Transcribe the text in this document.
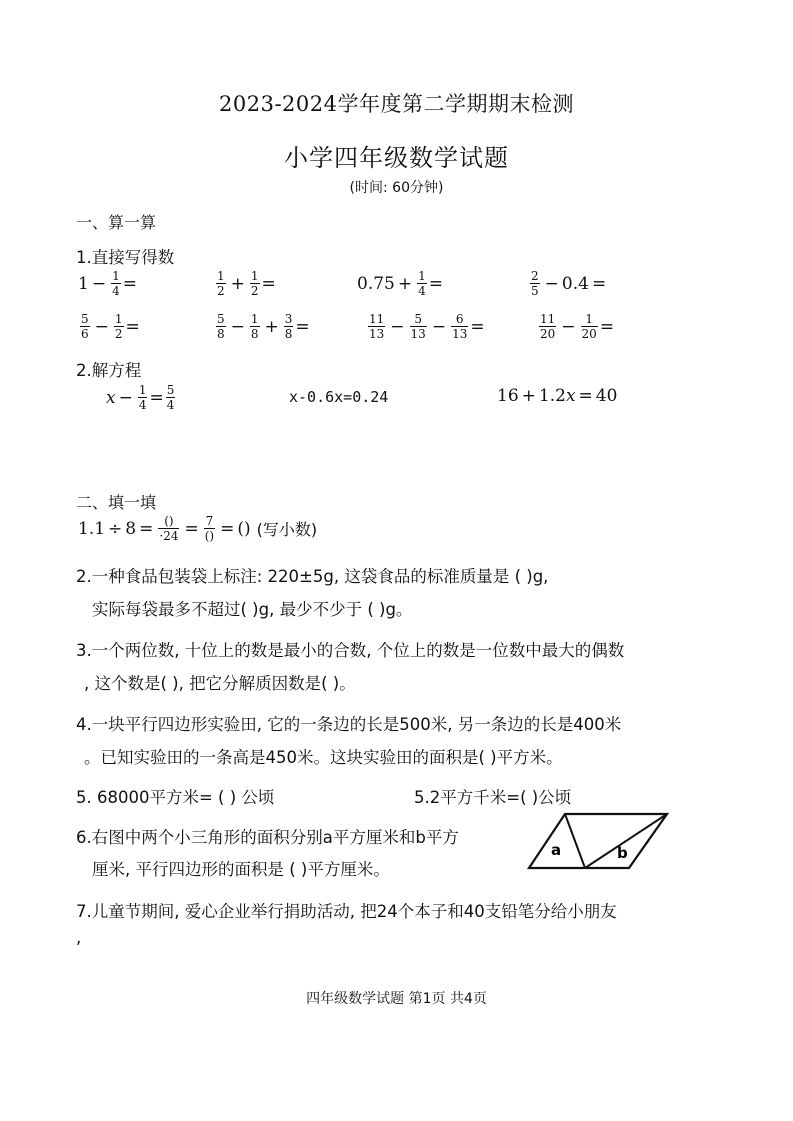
2023-2024学年度第二学期期末检测
小学四年级数学试题
(时间: 60分钟)
一、算一算
1.直接写得数
$1 - \frac{1}{4}$ =	$\frac{1}{2} + \frac{1}{2}$ =	$0.75 + \frac{1}{4}$ =	$\frac{2}{5} - 0.4$ =
$\frac{5}{6} - \frac{1}{2}$ =	$\frac{5}{8} - \frac{1}{8} + \frac{3}{8}$ =	$\frac{11}{13} - \frac{5}{13} - \frac{6}{13}$ =	$\frac{11}{20} - \frac{1}{20}$ =
2.解方程
$x - \frac{1}{4} = \frac{5}{4}$	x-0.6x=0.24	16 + 1.2 x = 40
二、填一填
$1.1 \div 8 = \frac{()}{\cdot 24} = \frac{7}{()}$ = () (写小数)
2.一种食品包装袋上标注: 220±5g, 这袋食品的标准质量是 ( )g,
实际每袋最多不超过( )g, 最少不少于 ( )g。
3.一个两位数, 十位上的数是最小的合数, 个位上的数是一位数中最大的偶数
, 这个数是( ), 把它分解质因数是( )。
4.一块平行四边形实验田, 它的一条边的长是500米, 另一条边的长是400米
。已知实验田的一条高是450米。这块实验田的面积是( )平方米。
5. 68000平方米= ( ) 公顷	5.2平方千米=( )公顷
6.右图中两个小三角形的面积分别a平方厘米和b平方
厘米, 平行四边形的面积是 ( )平方厘米。
a	b
7.儿童节期间, 爱心企业举行捐助活动, 把24个本子和40支铅笔分给小朋友
,
四年级数学试题 第1页 共4页
